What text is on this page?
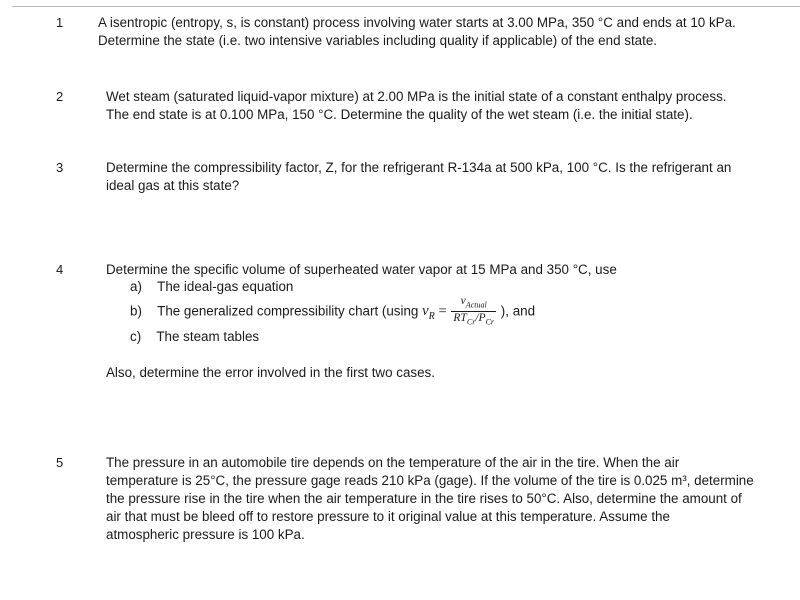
1	A isentropic (entropy, s, is constant) process involving water starts at 3.00 MPa, 350 °C and ends at 10 kPa.

Determine the state (i.e. two intensive variables including quality if applicable) of the end state.

2	Wet steam (saturated liquid-vapor mixture) at 2.00 MPa is the initial state of a constant enthalpy process.

The end state is at 0.100 MPa, 150 °C. Determine the quality of the wet steam (i.e. the initial state).

3	Determine the compressibility factor, Z, for the refrigerant R-134a at 500 kPa, 100 °C. Is the refrigerant an

ideal gas at this state?

4	Determine the specific volume of superheated water vapor at 15 MPa and 350 °C, use
a) The ideal-gas equation
b) The generalized compressibility chart (using $v_R = \frac{v_{Actual}}{RT_{Cr}/P_{Cr}}$ ), and
c) The steam tables
Also, determine the error involved in the first two cases.
5	The pressure in an automobile tire depends on the temperature of the air in the tire. When the air

temperature is 25°C, the pressure gage reads 210 kPa (gage). If the volume of the tire is 0.025 m³, determine

the pressure rise in the tire when the air temperature in the tire rises to 50°C. Also, determine the amount of

air that must be bleed off to restore pressure to it original value at this temperature. Assume the

atmospheric pressure is 100 kPa.
